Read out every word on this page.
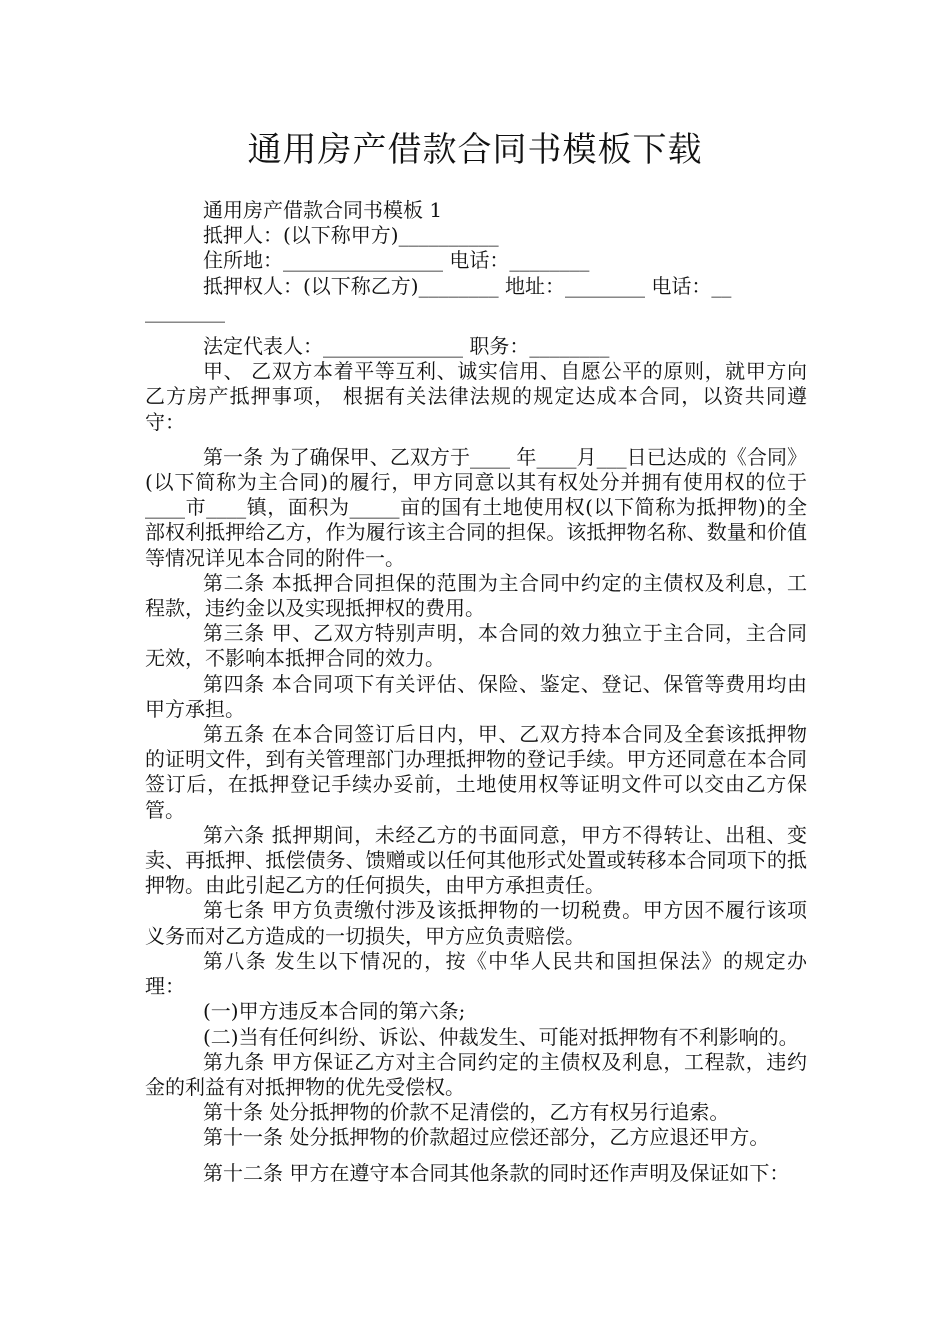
通用房产借款合同书模板下载

通用房产借款合同书模板 1

抵押人：(以下称甲方)__________

住所地：________________ 电话：________

抵押权人：(以下称乙方)________ 地址：________ 电话：__

________

法定代表人：______________ 职务：________

甲、 乙双方本着平等互利、诚实信用、自愿公平的原则，就甲方向乙方房产抵押事项， 根据有关法律法规的规定达成本合同，以资共同遵守：

第一条 为了确保甲、乙双方于____ 年____月___日已达成的《合同》(以下简称为主合同)的履行，甲方同意以其有权处分并拥有使用权的位于____市____镇，面积为_____亩的国有土地使用权(以下简称为抵押物)的全部权利抵押给乙方，作为履行该主合同的担保。该抵押物名称、数量和价值等情况详见本合同的附件一。

第二条 本抵押合同担保的范围为主合同中约定的主债权及利息，工程款，违约金以及实现抵押权的费用。

第三条 甲、乙双方特别声明，本合同的效力独立于主合同，主合同无效，不影响本抵押合同的效力。

第四条 本合同项下有关评估、保险、鉴定、登记、保管等费用均由甲方承担。

第五条 在本合同签订后日内，甲、乙双方持本合同及全套该抵押物的证明文件，到有关管理部门办理抵押物的登记手续。甲方还同意在本合同签订后，在抵押登记手续办妥前，土地使用权等证明文件可以交由乙方保管。

第六条 抵押期间，未经乙方的书面同意，甲方不得转让、出租、变卖、再抵押、抵偿债务、馈赠或以任何其他形式处置或转移本合同项下的抵押物。由此引起乙方的任何损失，由甲方承担责任。

第七条 甲方负责缴付涉及该抵押物的一切税费。甲方因不履行该项义务而对乙方造成的一切损失，甲方应负责赔偿。

第八条 发生以下情况的，按《中华人民共和国担保法》的规定办理：

(一)甲方违反本合同的第六条;

(二)当有任何纠纷、诉讼、仲裁发生、可能对抵押物有不利影响的。

第九条 甲方保证乙方对主合同约定的主债权及利息，工程款，违约金的利益有对抵押物的优先受偿权。

第十条 处分抵押物的价款不足清偿的，乙方有权另行追索。

第十一条 处分抵押物的价款超过应偿还部分，乙方应退还甲方。

第十二条 甲方在遵守本合同其他条款的同时还作声明及保证如下：
